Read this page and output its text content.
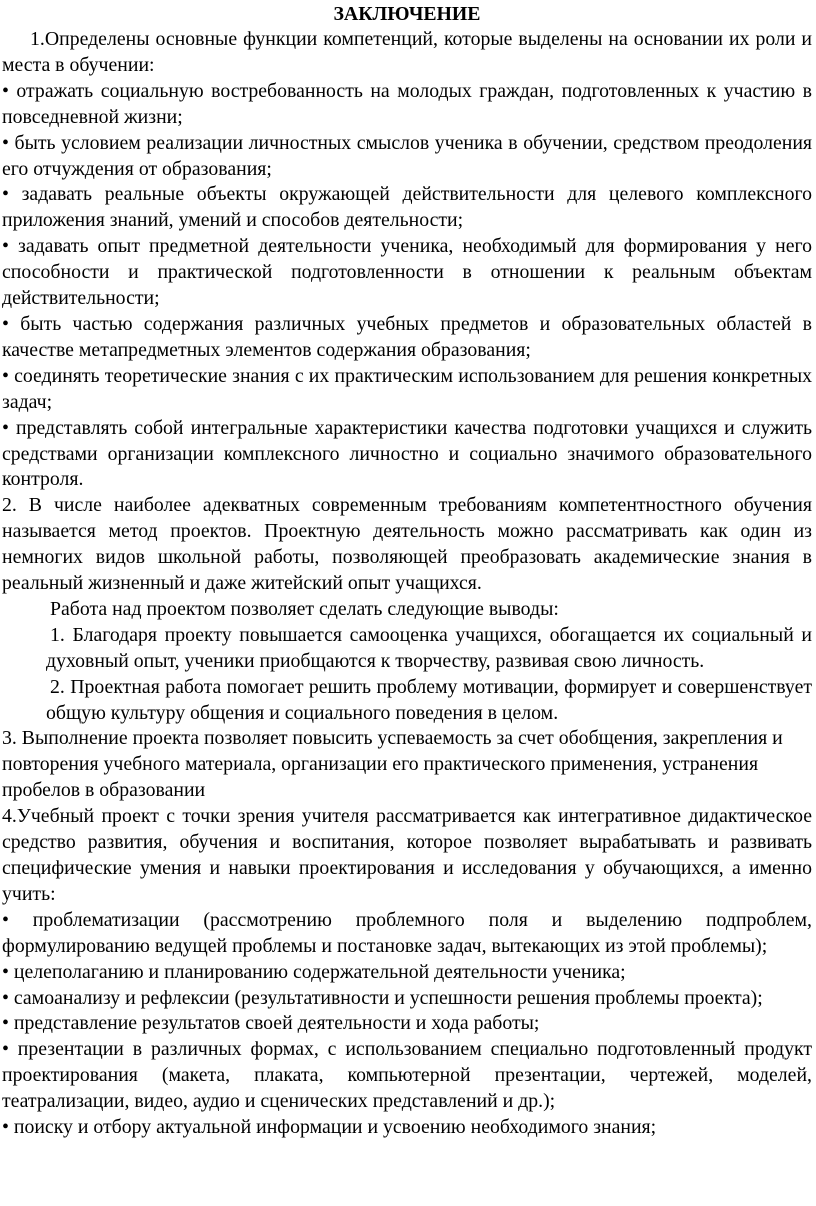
ЗАКЛЮЧЕНИЕ

1.Определены основные функции компетенций, которые выделены на основании их роли и места в обучении:

• отражать социальную востребованность на молодых граждан, подготовленных к участию в повседневной жизни;

• быть условием реализации личностных смыслов ученика в обучении, средством преодоления его отчуждения от образования;

• задавать реальные объекты окружающей действительности для целевого комплексного приложения знаний, умений и способов деятельности;

• задавать опыт предметной деятельности ученика, необходимый для формирования у него способности и практической подготовленности в отношении к реальным объектам действительности;

• быть частью содержания различных учебных предметов и образовательных областей в качестве метапредметных элементов содержания образования;

• соединять теоретические знания с их практическим использованием для решения конкретных задач;

• представлять собой интегральные характеристики качества подготовки учащихся и служить средствами организации комплексного личностно и социально значимого образовательного контроля.

2. В числе наиболее адекватных современным требованиям компетентностного обучения называется метод проектов. Проектную деятельность можно рассматривать как один из немногих видов школьной работы, позволяющей преобразовать академические знания в реальный жизненный и даже житейский опыт учащихся.

Работа над проектом позволяет сделать следующие выводы:

1. Благодаря проекту повышается самооценка учащихся, обогащается их социальный и духовный опыт, ученики приобщаются к творчеству, развивая свою личность.

2. Проектная работа помогает решить проблему мотивации, формирует и совершенствует общую культуру общения и социального поведения в целом.

3. Выполнение проекта позволяет повысить успеваемость за счет обобщения, закрепления и повторения учебного материала, организации его практического применения, устранения пробелов в образовании

4.Учебный проект с точки зрения учителя рассматривается как интегративное дидактическое средство развития, обучения и воспитания, которое позволяет вырабатывать и развивать специфические умения и навыки проектирования и исследования у обучающихся, а именно учить:

• проблематизации (рассмотрению проблемного поля и выделению подпроблем, формулированию ведущей проблемы и постановке задач, вытекающих из этой проблемы);

• целеполаганию и планированию содержательной деятельности ученика;

• самоанализу и рефлексии (результативности и успешности решения проблемы проекта);

• представление результатов своей деятельности и хода работы;

• презентации в различных формах, с использованием специально подготовленный продукт проектирования (макета, плаката, компьютерной презентации, чертежей, моделей, театрализации, видео, аудио и сценических представлений и др.);

• поиску и отбору актуальной информации и усвоению необходимого знания;
